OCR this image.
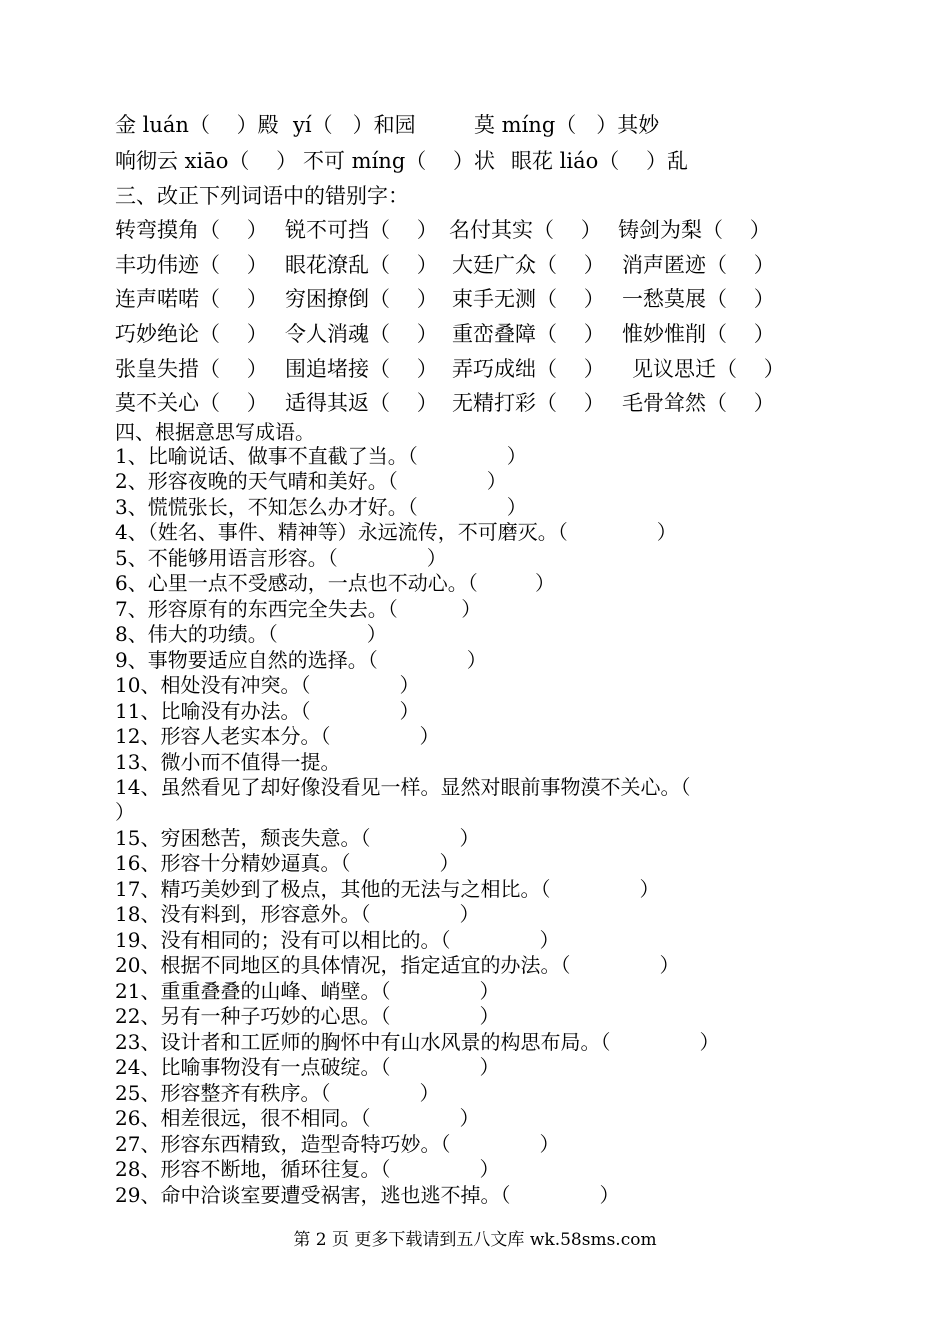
金 luán（    ）殿 yí（   ）和园	莫 míng（   ）其妙
响彻云 xiāo（    ） 不可 míng（    ）状 眼花 liáo（    ）乱
三、改正下列词语中的错别字：
转弯摸角（    ） 锐不可挡（    ） 名付其实（    ） 铸剑为梨（    ）
丰功伟迹（    ） 眼花潦乱（    ） 大廷广众（    ） 消声匿迹（    ）
连声喏喏（    ） 穷困撩倒（    ） 束手无测（    ） 一愁莫展（    ）
巧妙绝论（    ） 令人消魂（    ） 重峦叠障（    ） 惟妙惟削（    ）
张皇失措（    ） 围追堵接（    ） 弄巧成绌（    ） 见议思迁（    ）
莫不关心（    ） 适得其返（    ） 无精打彩（    ） 毛骨耸然（    ）
四、根据意思写成语。
1、比喻说话、做事不直截了当。（              ）
2、形容夜晚的天气晴和美好。（              ）
3、慌慌张长，不知怎么办才好。（              ）
4、（姓名、事件、精神等）永远流传，不可磨灭。（              ）
5、不能够用语言形容。（              ）
6、心里一点不受感动，一点也不动心。（         ）
7、形容原有的东西完全失去。（          ）
8、伟大的功绩。（              ）
9、事物要适应自然的选择。（              ）
10、相处没有冲突。（              ）
11、比喻没有办法。（              ）
12、形容人老实本分。（              ）
13、微小而不值得一提。
14、虽然看见了却好像没看见一样。显然对眼前事物漠不关心。（
）
15、穷困愁苦，颓丧失意。（              ）
16、形容十分精妙逼真。（              ）
17、精巧美妙到了极点，其他的无法与之相比。（              ）
18、没有料到，形容意外。（              ）
19、没有相同的；没有可以相比的。（              ）
20、根据不同地区的具体情况，指定适宜的办法。（              ）
21、重重叠叠的山峰、峭壁。（              ）
22、另有一种子巧妙的心思。（              ）
23、设计者和工匠师的胸怀中有山水风景的构思布局。（              ）
24、比喻事物没有一点破绽。（              ）
25、形容整齐有秩序。（              ）
26、相差很远，很不相同。（              ）
27、形容东西精致，造型奇特巧妙。（              ）
28、形容不断地，循环往复。（              ）
29、命中洽谈室要遭受祸害，逃也逃不掉。（              ）
第 2 页 更多下载请到五八文库 wk.58sms.com
